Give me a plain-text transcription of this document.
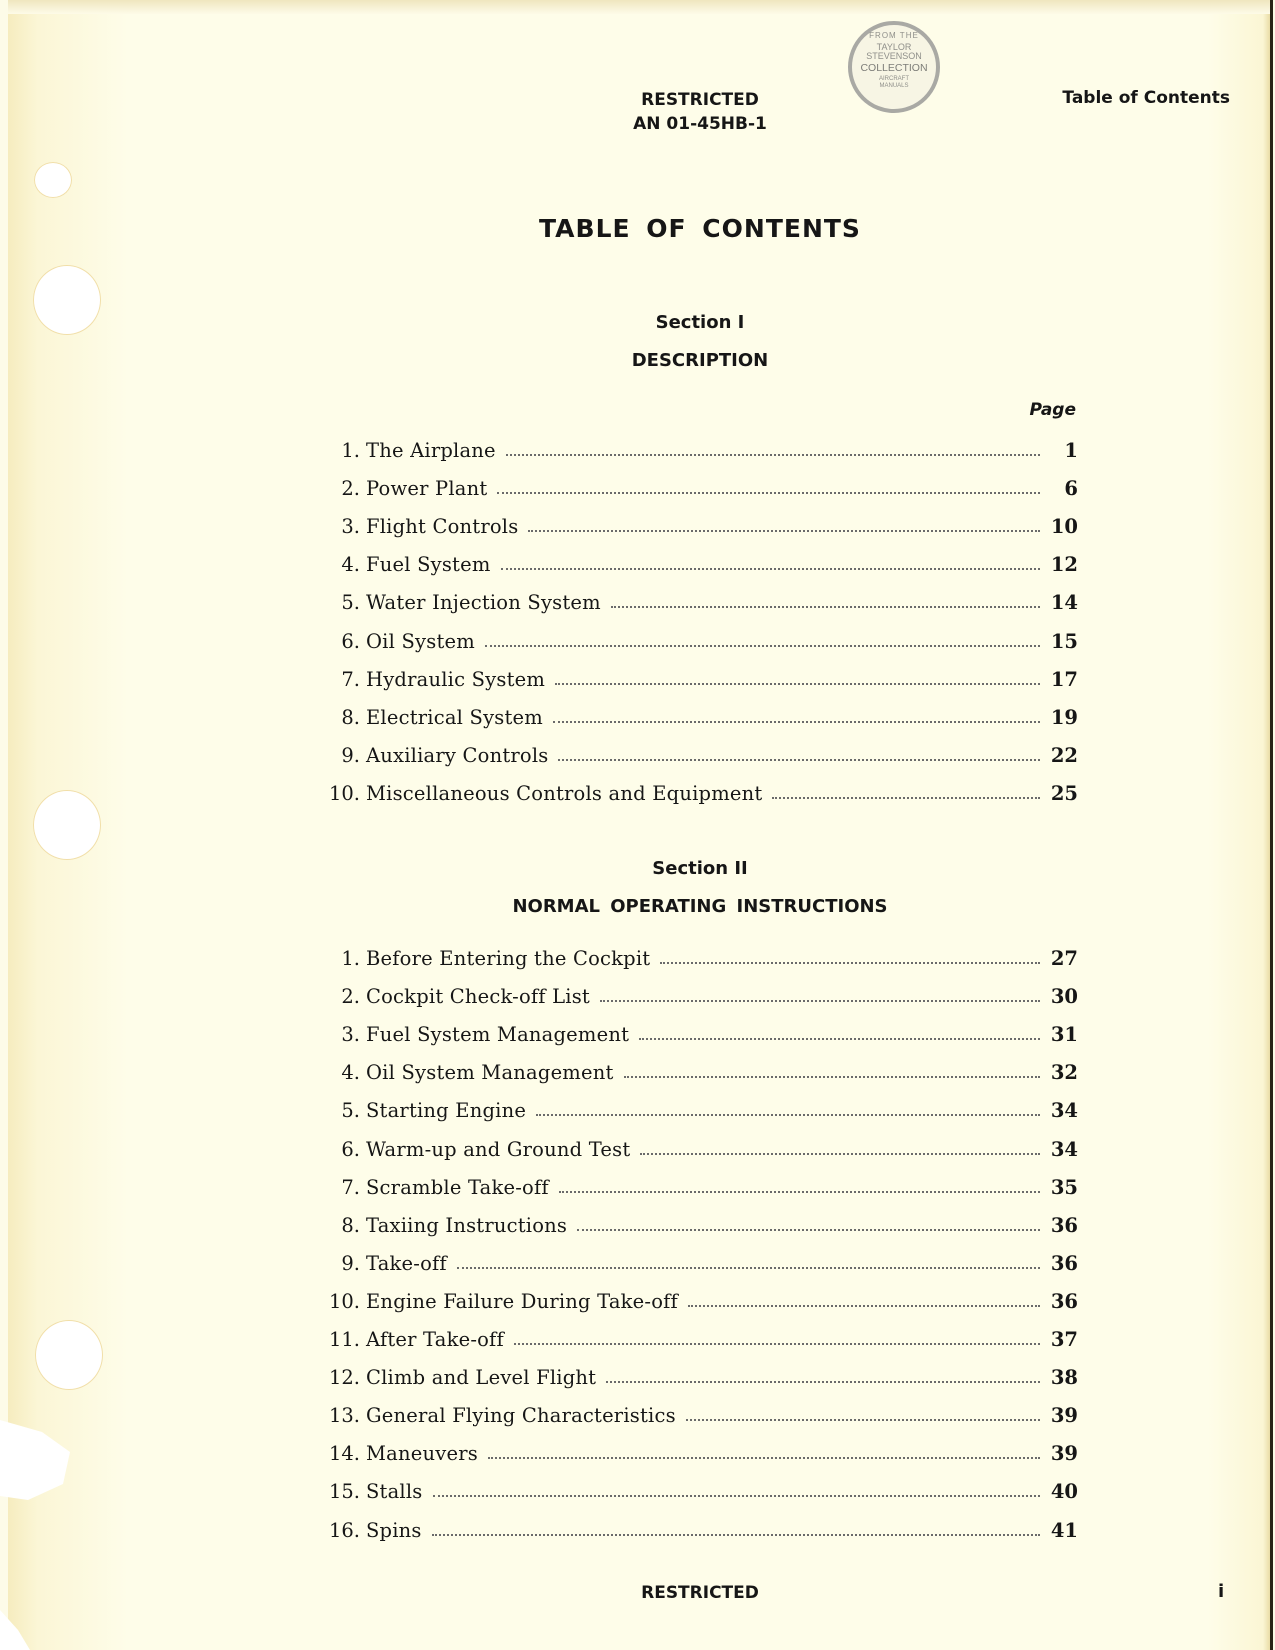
RESTRICTED
AN 01-45HB-1
Table of Contents
FROM THE
TAYLOR
STEVENSON
COLLECTION
AIRCRAFT
MANUALS
TABLE OF CONTENTS
Section I
DESCRIPTION
Page
1. The Airplane	1
2. Power Plant	6
3. Flight Controls	10
4. Fuel System	12
5. Water Injection System	14
6. Oil System	15
7. Hydraulic System	17
8. Electrical System	19
9. Auxiliary Controls	22
10. Miscellaneous Controls and Equipment	25
Section II
NORMAL OPERATING INSTRUCTIONS
1. Before Entering the Cockpit	27
2. Cockpit Check-off List	30
3. Fuel System Management	31
4. Oil System Management	32
5. Starting Engine	34
6. Warm-up and Ground Test	34
7. Scramble Take-off	35
8. Taxiing Instructions	36
9. Take-off	36
10. Engine Failure During Take-off	36
11. After Take-off	37
12. Climb and Level Flight	38
13. General Flying Characteristics	39
14. Maneuvers	39
15. Stalls	40
16. Spins	41
RESTRICTED	i
